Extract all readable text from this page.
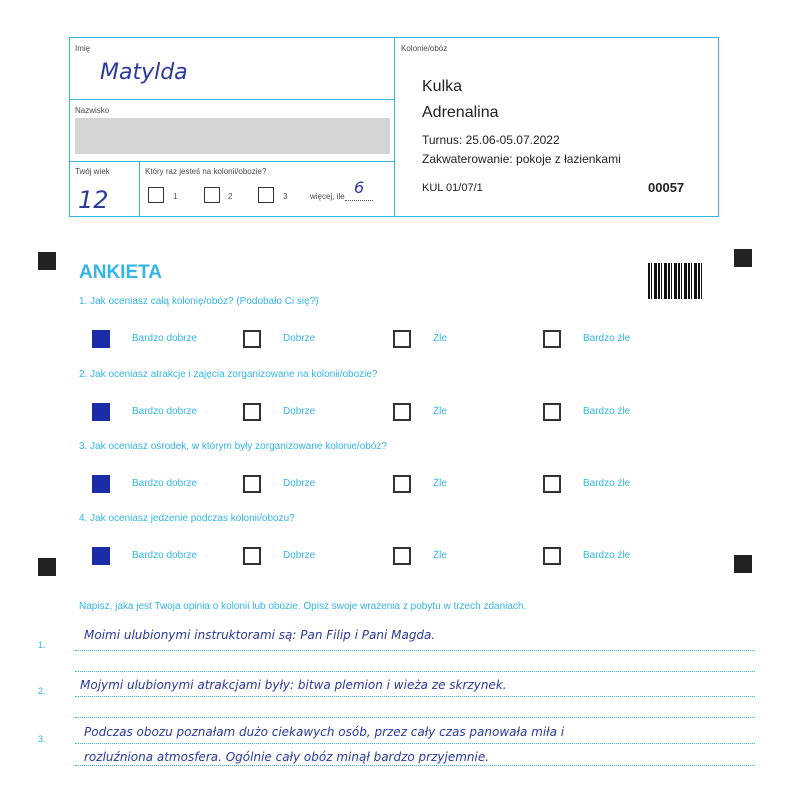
Imię
Matylda
Nazwisko
Twój wiek
12
Który raz jesteś na kolonii/obozie?
1	2	3	więcej, ile 6
Kolonie/obóz
Kulka
Adrenalina
Turnus: 25.06-05.07.2022
Zakwaterowanie: pokoje z łazienkami
KUL 01/07/1	00057
ANKIETA
1. Jak oceniasz całą kolonię/obóz? (Podobało Ci się?)
Bardzo dobrze	Dobrze	Źle	Bardzo źle
2. Jak oceniasz atrakcje i zajęcia zorganizowane na kolonii/obozie?
Bardzo dobrze	Dobrze	Źle	Bardzo źle
3. Jak oceniasz ośrodek, w którym były zorganizowane kolonie/obóz?
Bardzo dobrze	Dobrze	Źle	Bardzo źle
4. Jak oceniasz jedzenie podczas kolonii/obozu?
Bardzo dobrze	Dobrze	Źle	Bardzo źle
Napisz, jaka jest Twoja opinia o kolonii lub obozie. Opisz swoje wrażenia z pobytu w trzech zdaniach.
1.
Moimi ulubionymi instruktorami są: Pan Filip i Pani Magda.
2.	Mojymi ulubionymi atrakcjami były: bitwa plemion i wieża ze skrzynek.
3.	Podczas obozu poznałam dużo ciekawych osób, przez cały czas panowała miła i
rozluźniona atmosfera. Ogólnie cały obóz minął bardzo przyjemnie.
